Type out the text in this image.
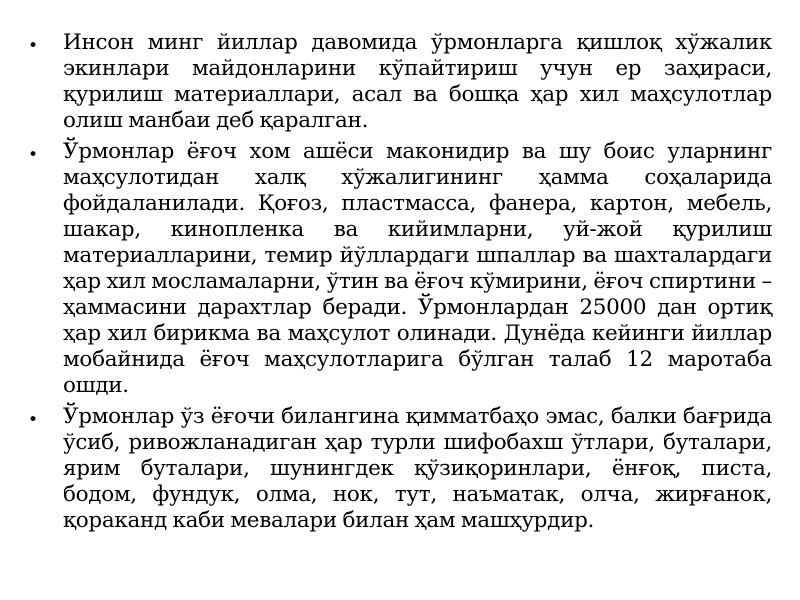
• Инсон минг йиллар давомида ўрмонларга қишлоқ хўжалик экинлари майдонларини кўпайтириш учун ер заҳираси, қурилиш материаллари, асал ва бошқа ҳар хил маҳсулотлар олиш манбаи деб қаралган.
• Ўрмонлар ёғоч хом ашёси маконидир ва шу боис уларнинг маҳсулотидан халқ хўжалигининг ҳамма соҳаларида фойдаланилади. Қоғоз, пластмасса, фанера, картон, мебель, шакар, кинопленка ва кийимларни, уй-жой қурилиш материалларини, темир йўллардаги шпаллар ва шахталардаги ҳар хил мосламаларни, ўтин ва ёғоч кўмирини, ёғоч спиртини – ҳаммасини дарахтлар беради. Ўрмонлардан 25000 дан ортиқ ҳар хил бирикма ва маҳсулот олинади. Дунёда кейинги йиллар мобайнида ёғоч маҳсулотларига бўлган талаб 12 маротаба ошди.
• Ўрмонлар ўз ёғочи билангина қимматбаҳо эмас, балки бағрида ўсиб, ривожланадиган ҳар турли шифобахш ўтлари, буталари, ярим буталари, шунингдек қўзиқоринлари, ёнғоқ, писта, бодом, фундук, олма, нок, тут, наъматак, олча, жирғанок, қораканд каби мевалари билан ҳам машҳурдир.
